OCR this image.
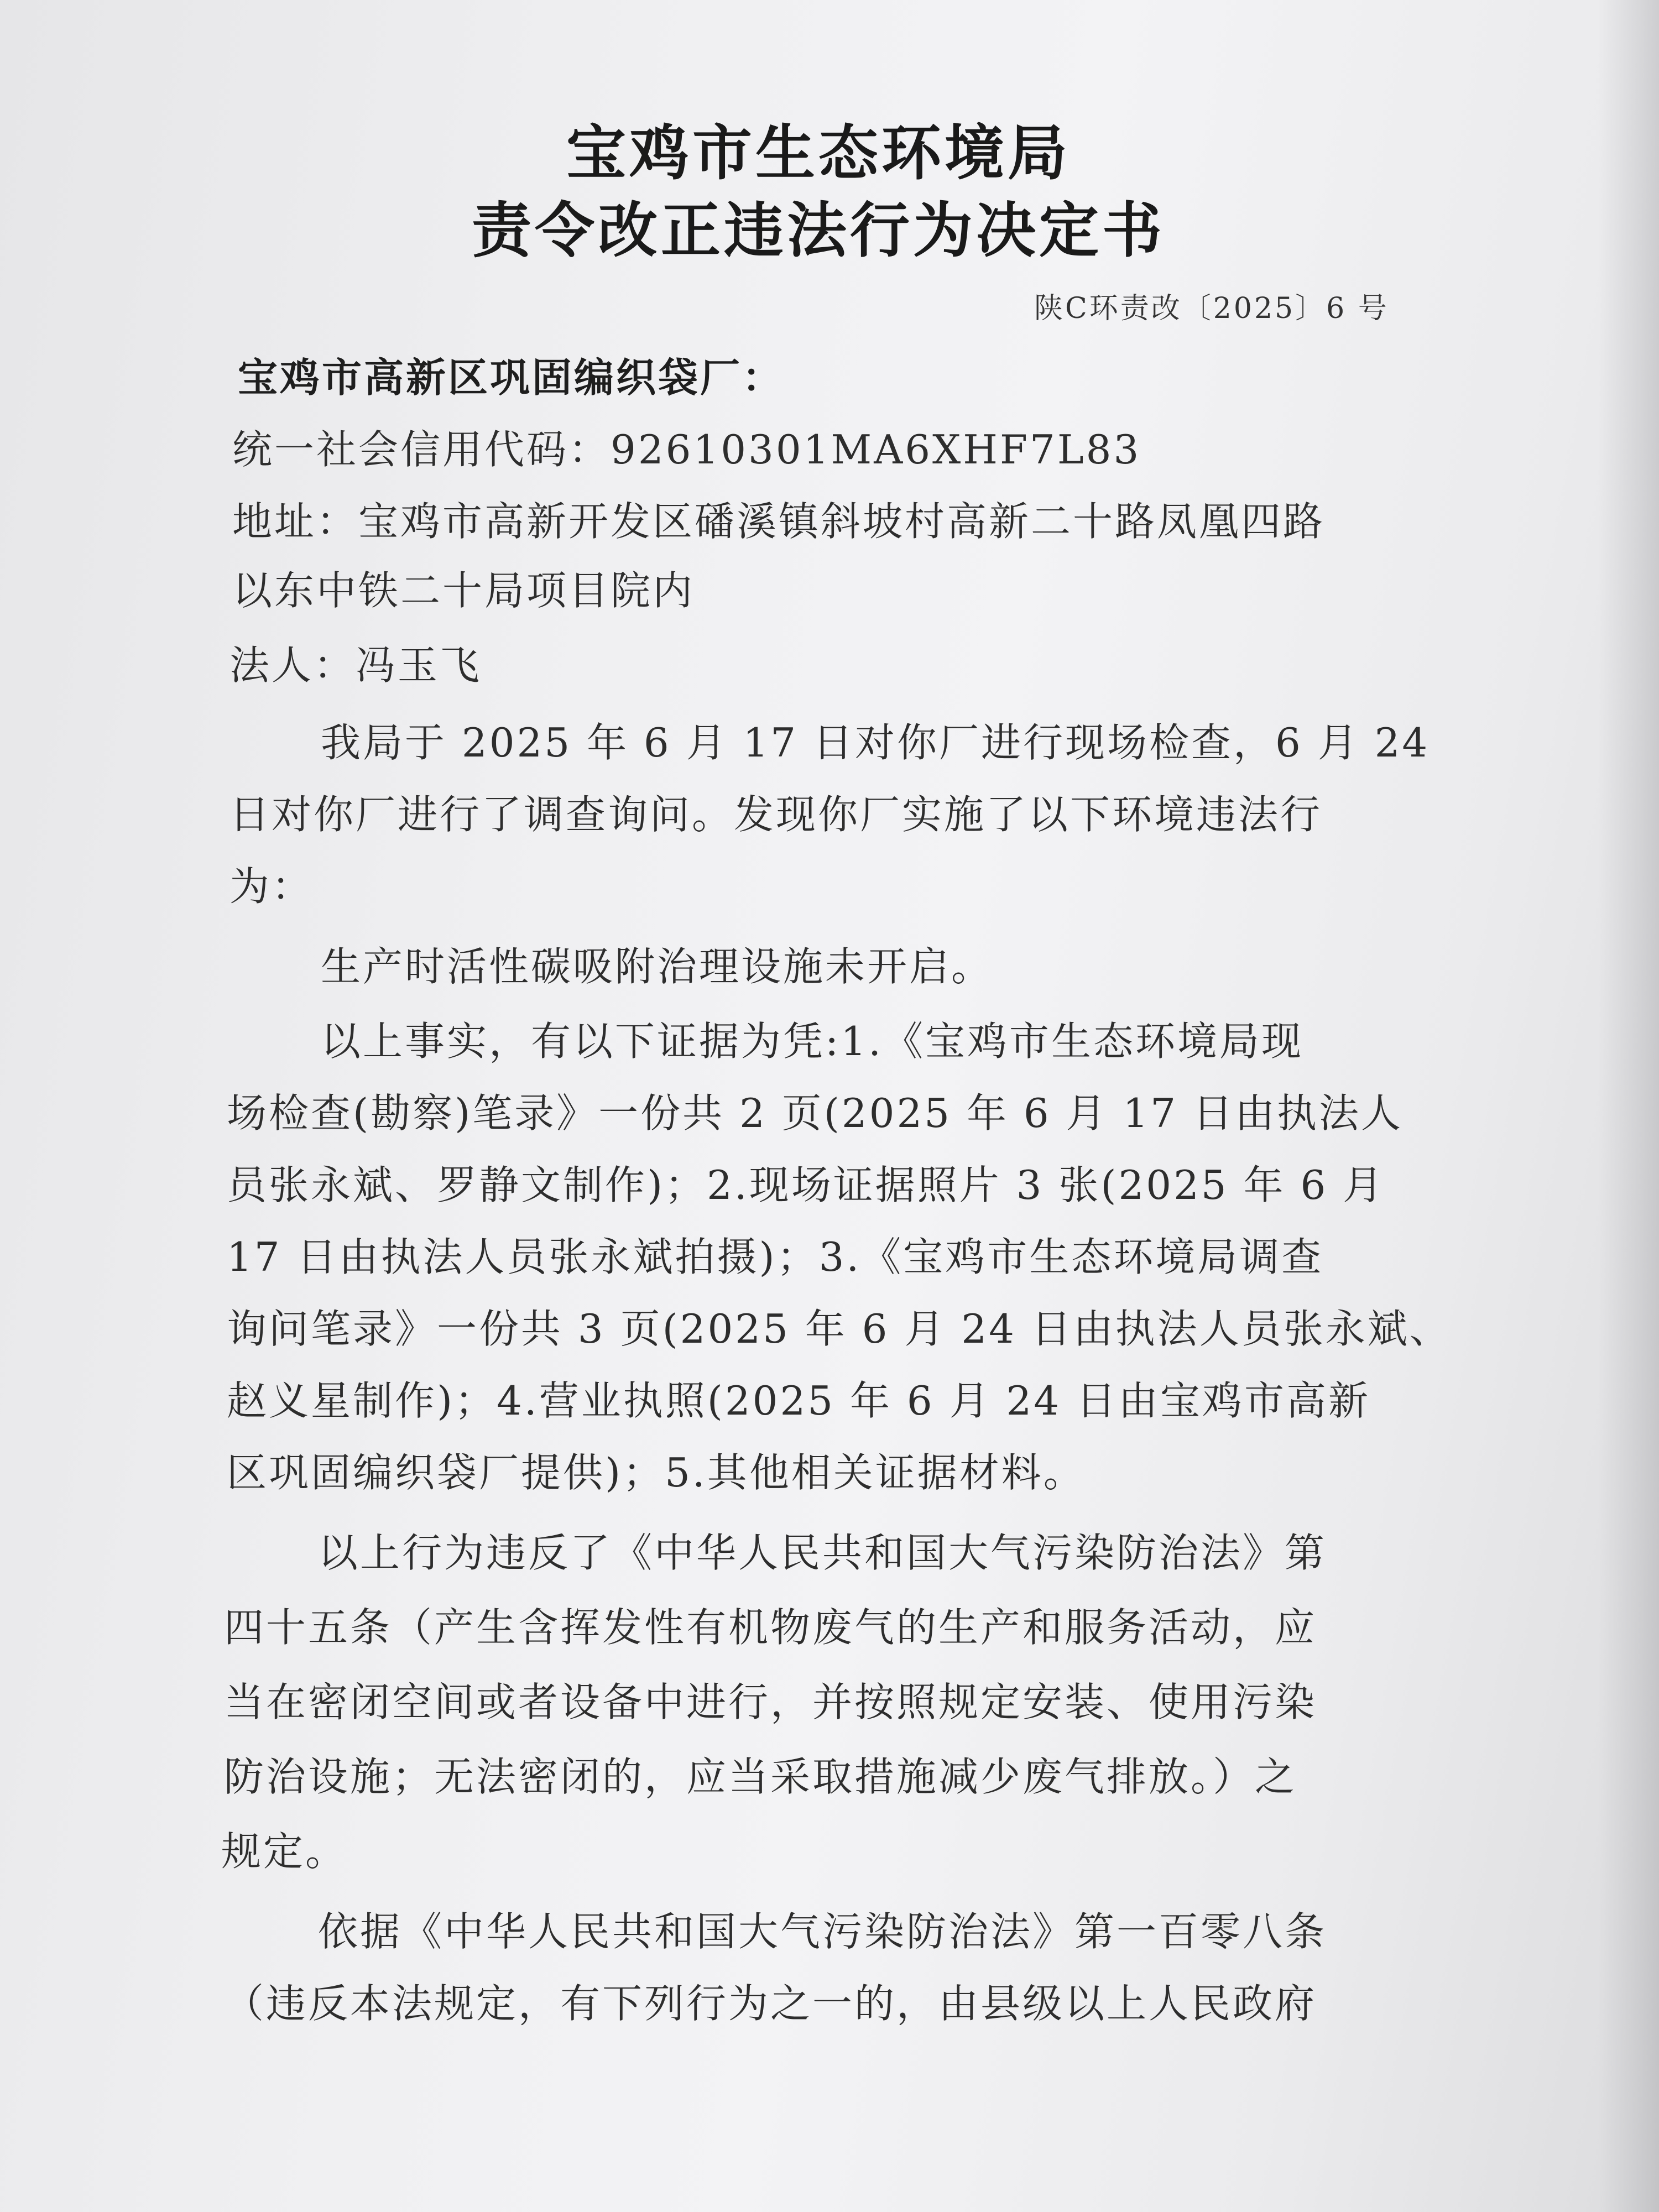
宝鸡市生态环境局
责令改正违法行为决定书
陕C环责改〔2025〕6 号
宝鸡市高新区巩固编织袋厂：
统一社会信用代码：92610301MA6XHF7L83
地址：宝鸡市高新开发区磻溪镇斜坡村高新二十路凤凰四路
以东中铁二十局项目院内
法人：冯玉飞
我局于 2025 年 6 月 17 日对你厂进行现场检查，6 月 24
日对你厂进行了调查询问。发现你厂实施了以下环境违法行
为：
生产时活性碳吸附治理设施未开启。
以上事实，有以下证据为凭:1.《宝鸡市生态环境局现
场检查(勘察)笔录》一份共 2 页(2025 年 6 月 17 日由执法人
员张永斌、罗静文制作)；2.现场证据照片 3 张(2025 年 6 月
17 日由执法人员张永斌拍摄)；3.《宝鸡市生态环境局调查
询问笔录》一份共 3 页(2025 年 6 月 24 日由执法人员张永斌、
赵义星制作)；4.营业执照(2025 年 6 月 24 日由宝鸡市高新
区巩固编织袋厂提供)；5.其他相关证据材料。
以上行为违反了《中华人民共和国大气污染防治法》第
四十五条（产生含挥发性有机物废气的生产和服务活动，应
当在密闭空间或者设备中进行，并按照规定安装、使用污染
防治设施；无法密闭的，应当采取措施减少废气排放。）之
规定。
依据《中华人民共和国大气污染防治法》第一百零八条
（违反本法规定，有下列行为之一的，由县级以上人民政府
